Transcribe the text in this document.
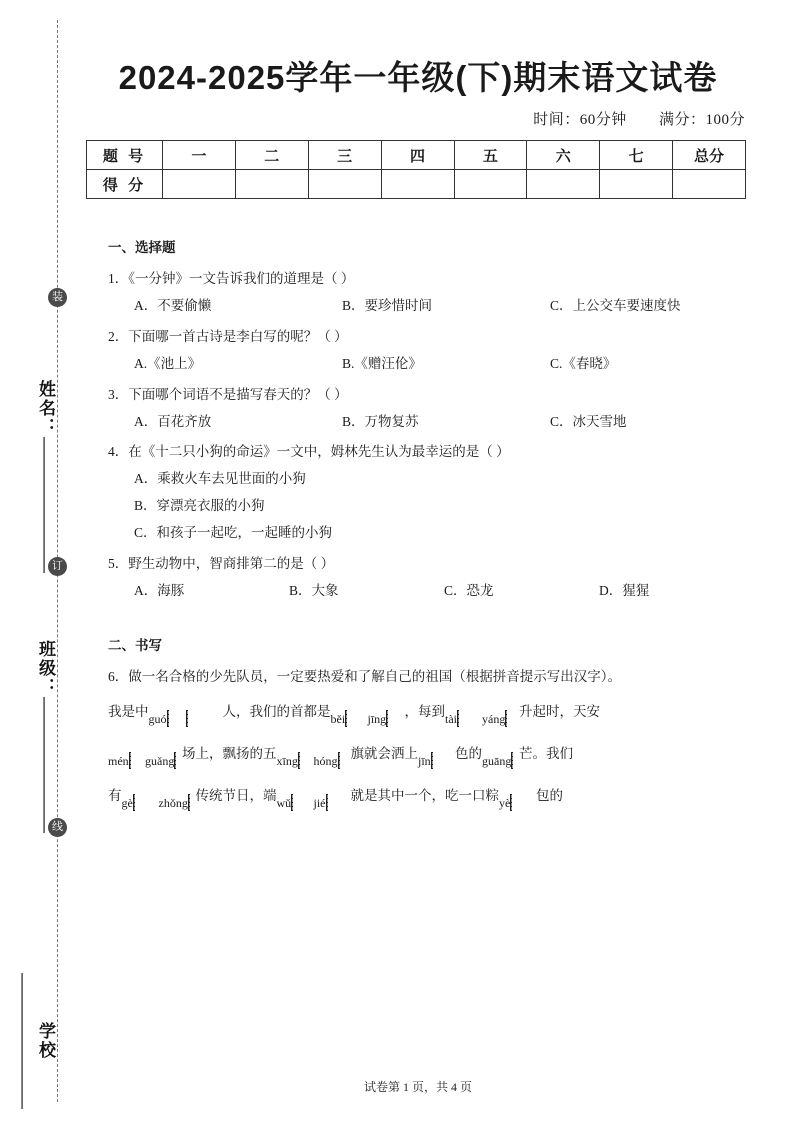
装
订
线
姓名：————————
班级：————————
学校————————
2024-2025学年一年级(下)期末语文试卷
时间：60分钟 满分：100分
题 号	一	二	三	四	五	六	七	总分
得 分								
一、选择题
1．《一分钟》一文告诉我们的道理是（ ）
A．不要偷懒	B．要珍惜时间	C．上公交车要速度快
2．下面哪一首古诗是李白写的呢？（ ）
A.《池上》	B.《赠汪伦》	C.《春晓》
3．下面哪个词语不是描写春天的？（ ）
A．百花齐放	B．万物复苏	C．冰天雪地
4．在《十二只小狗的命运》一文中，姆林先生认为最幸运的是（ ）
A．乘救火车去见世面的小狗
B．穿漂亮衣服的小狗
C．和孩子一起吃，一起睡的小狗
5．野生动物中，智商排第二的是（ ）
A．海豚	B．大象	C．恐龙	D．猩猩
二、书写
6．做一名合格的少先队员，一定要热爱和了解自己的祖国（根据拼音提示写出汉字）。
我是中 guó	人，我们的首都是 běi	jīng	，每到 tài	yáng	升起时，天安
mén	guǎng 场上，飘扬的五 xīng	hóng 旗就会洒上 jīn	色的 guāng 芒。我们
有 gè	zhǒng 传统节日，端 wǔ	jié	就是其中一个，吃一口粽 yè	包的
试卷第 1 页，共 4 页
